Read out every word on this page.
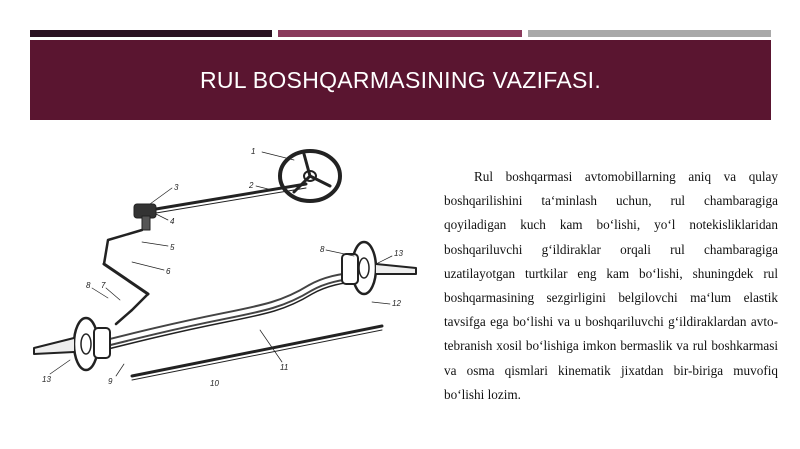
RUL BOSHQARMASINING VAZIFASI.
1
2
3
4
5
6
8 7
8	13
12
11
9	10
13

Rul boshqarmasi avtomobillarning aniq va qulay boshqarilishini ta‘minlash uchun, rul chambaragiga qoyiladigan kuch kam bo‘lishi, yo‘l notekisliklaridan boshqariluvchi g‘ildiraklar orqali rul chambaragiga uzatilayotgan turtkilar eng kam bo‘lishi, shuningdek rul boshqarmasining sezgirligini belgilovchi ma‘lum elastik tavsifga ega bo‘lishi va u boshqariluvchi g‘ildiraklardan avto-tebranish xosil bo‘lishiga imkon bermaslik va rul boshkarmasi va osma qismlari kinematik jixatdan bir-biriga muvofiq bo‘lishi lozim.
